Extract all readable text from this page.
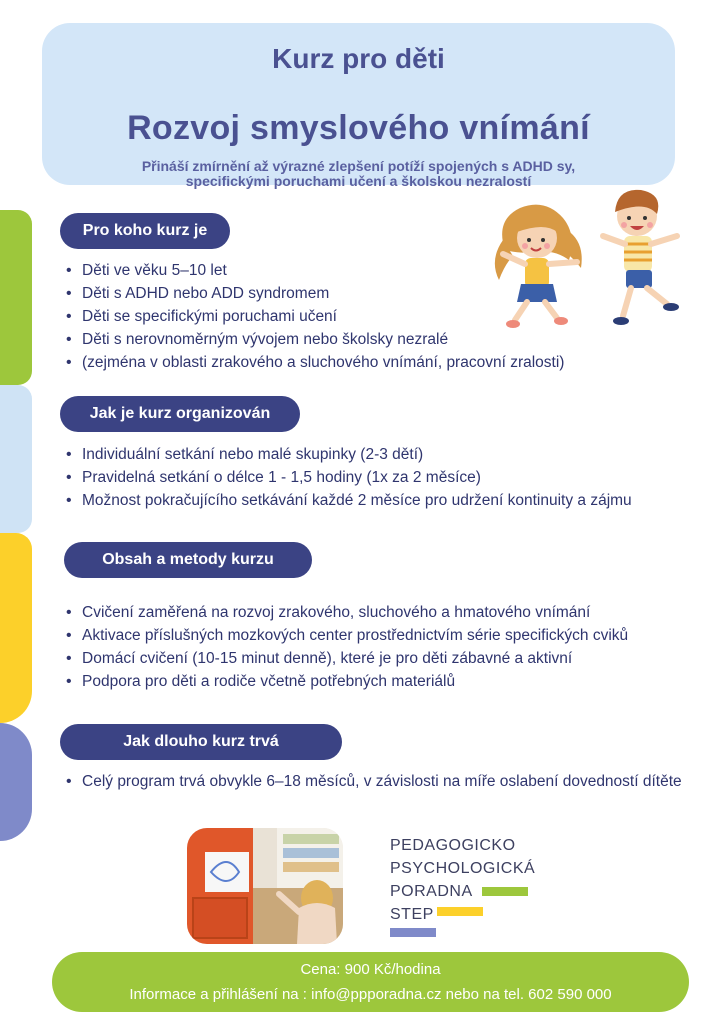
Kurz pro děti
Rozvoj smyslového vnímání
Přináší zmírnění až výrazné zlepšení potíží spojených s ADHD sy,
specifickými poruchami učení a školskou nezralostí
Pro koho kurz je
• Děti ve věku 5–10 let
• Děti s ADHD nebo ADD syndromem
• Děti se specifickými poruchami učení
• Děti s nerovnoměrným vývojem nebo školsky nezralé
• (zejména v oblasti zrakového a sluchového vnímání, pracovní zralosti)
Jak je kurz organizován
• Individuální setkání nebo malé skupinky (2-3 dětí)
• Pravidelná setkání o délce 1 - 1,5 hodiny (1x za 2 měsíce)
• Možnost pokračujícího setkávání každé 2 měsíce pro udržení kontinuity a zájmu
Obsah a metody kurzu
• Cvičení zaměřená na rozvoj zrakového, sluchového a hmatového vnímání
• Aktivace příslušných mozkových center prostřednictvím série specifických cviků
• Domácí cvičení (10-15 minut denně), které je pro děti zábavné a aktivní
• Podpora pro děti a rodiče včetně potřebných materiálů
Jak dlouho kurz trvá
• Celý program trvá obvykle 6–18 měsíců, v závislosti na míře oslabení dovedností dítěte
PEDAGOGICKO
PSYCHOLOGICKÁ
PORADNA
STEP
Cena: 900 Kč/hodina
Informace a přihlášení na : info@ppporadna.cz nebo na tel. 602 590 000
